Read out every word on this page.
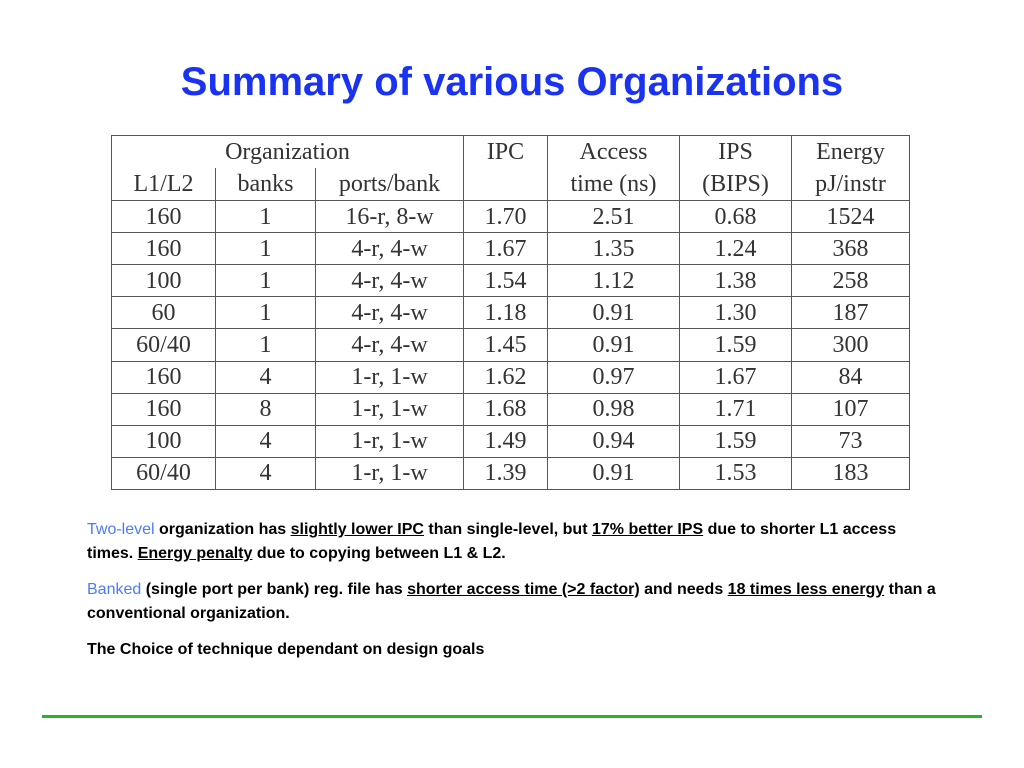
Summary of various Organizations
Organization			IPC	Access	IPS	Energy
L1/L2	banks	ports/bank		time (ns)	(BIPS)	pJ/instr
160	1	16-r, 8-w	1.70	2.51	0.68	1524
160	1	4-r, 4-w	1.67	1.35	1.24	368
100	1	4-r, 4-w	1.54	1.12	1.38	258
60	1	4-r, 4-w	1.18	0.91	1.30	187
60/40	1	4-r, 4-w	1.45	0.91	1.59	300
160	4	1-r, 1-w	1.62	0.97	1.67	84
160	8	1-r, 1-w	1.68	0.98	1.71	107
100	4	1-r, 1-w	1.49	0.94	1.59	73
60/40	4	1-r, 1-w	1.39	0.91	1.53	183

Two-level organization has slightly lower IPC than single-level, but 17% better IPS due to shorter L1 access times. Energy penalty due to copying between L1 & L2.

Banked (single port per bank) reg. file has shorter access time (>2 factor) and needs 18 times less energy than a conventional organization.

The Choice of technique dependant on design goals
